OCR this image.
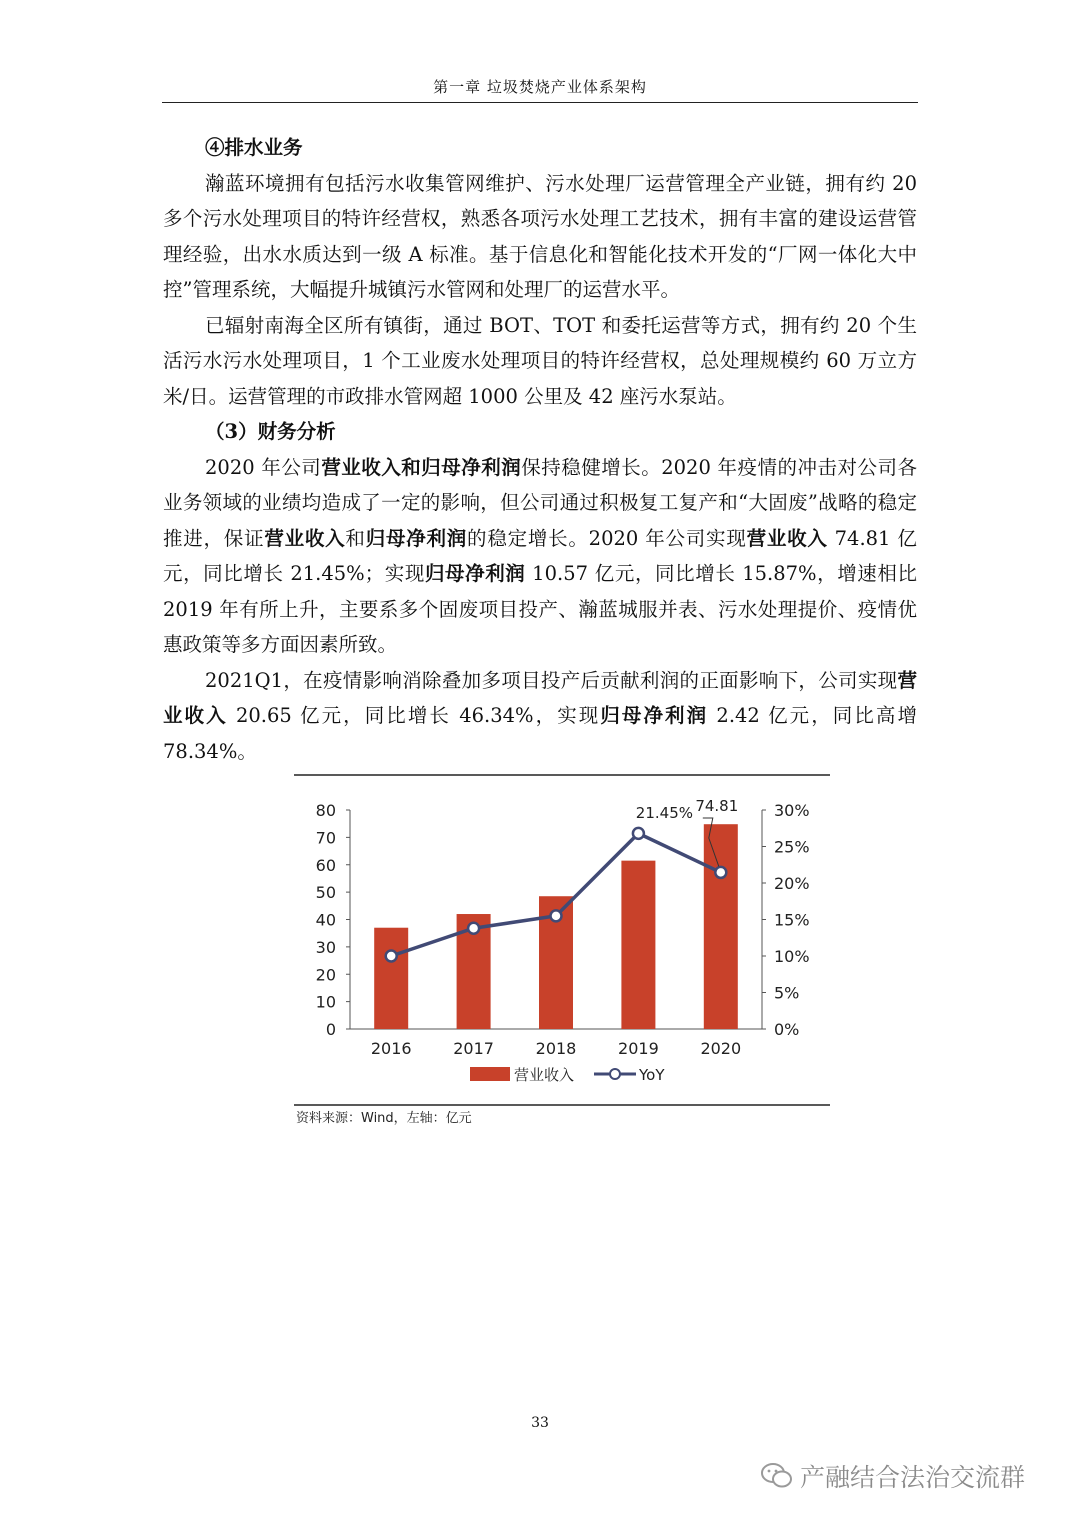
第一章 垃圾焚烧产业体系架构

④排水业务

瀚蓝环境拥有包括污水收集管网维护、污水处理厂运营管理全产业链，拥有约 20 多个污水处理项目的特许经营权，熟悉各项污水处理工艺技术，拥有丰富的建设运营管理经验，出水水质达到一级 A 标准。基于信息化和智能化技术开发的“厂网一体化大中控”管理系统，大幅提升城镇污水管网和处理厂的运营水平。

已辐射南海全区所有镇街，通过 BOT、TOT 和委托运营等方式，拥有约 20 个生活污水污水处理项目，1 个工业废水处理项目的特许经营权，总处理规模约 60 万立方米/日。运营管理的市政排水管网超 1000 公里及 42 座污水泵站。

（3）财务分析

2020 年公司营业收入和归母净利润保持稳健增长。2020 年疫情的冲击对公司各业务领域的业绩均造成了一定的影响，但公司通过积极复工复产和“大固废”战略的稳定推进，保证营业收入和归母净利润的稳定增长。2020 年公司实现营业收入 74.81 亿元，同比增长 21.45%；实现归母净利润 10.57 亿元，同比增长 15.87%，增速相比 2019 年有所上升，主要系多个固废项目投产、瀚蓝城服并表、污水处理提价、疫情优惠政策等多方面因素所致。

2021Q1，在疫情影响消除叠加多项目投产后贡献利润的正面影响下，公司实现营业收入 20.65 亿元，同比增长 46.34%，实现归母净利润 2.42 亿元，同比高增 78.34%。

0
10
20
30
40
50
60
70
80
0%
5%
10%
15%
20%
25%
30%
2016	2017	2018	2019	2020
21.45% 74.81
营业收入	YoY
资料来源：Wind，左轴：亿元
33
产融结合法治交流群
